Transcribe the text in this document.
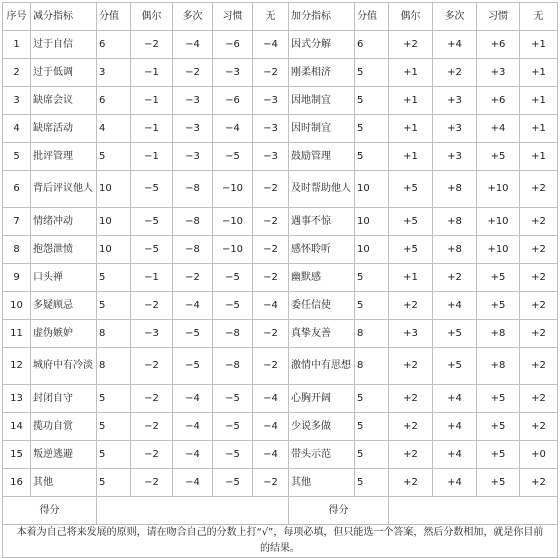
序号	减分指标	分值	偶尔	多次	习惯	无	加分指标	分值	偶尔	多次	习惯	无
1	过于自信	6	−2	−4	−6	−4	因式分解	6	+2	+4	+6	+1
2	过于低调	3	−1	−2	−3	−2	刚柔相济	5	+1	+2	+3	+1
3	缺席会议	6	−1	−3	−6	−3	因地制宜	5	+1	+3	+6	+1
4	缺席活动	4	−1	−3	−4	−3	因时制宜	5	+1	+3	+4	+1
5	批评管理	5	−1	−3	−5	−3	鼓励管理	5	+1	+3	+5	+1
6	背后评议他人	10	−5	−8	−10	−2	及时帮助他人	10	+5	+8	+10	+2
7	情绪冲动	10	−5	−8	−10	−2	遇事不惊	10	+5	+8	+10	+2
8	抱怨泄愤	10	−5	−8	−10	−2	感怀聆听	10	+5	+8	+10	+2
9	口头禅	5	−1	−2	−5	−2	幽默感	5	+1	+2	+5	+2
10	多疑顾忌	5	−2	−4	−5	−4	委任信使	5	+2	+4	+5	+2
11	虚伪嫉妒	8	−3	−5	−8	−2	真挚友善	8	+3	+5	+8	+2
12	城府中有冷淡	8	−2	−5	−8	−2	激情中有思想	8	+2	+5	+8	+2
13	封闭自守	5	−2	−4	−5	−4	心胸开阔	5	+2	+4	+5	+2
14	揽功自赏	5	−2	−4	−5	−4	少说多做	5	+2	+4	+5	+2
15	叛逆逃避	5	−2	−4	−5	−4	带头示范	5	+2	+4	+5	+0
16	其他	5	−2	−4	−5	−2	其他	5	+2	+4	+5	+2
得分							得分					
本着为自己将来发展的原则，请在吻合自己的分数上打“√”，每项必填，但只能选一个答案，然后分数相加，就是你目前的结果。												
